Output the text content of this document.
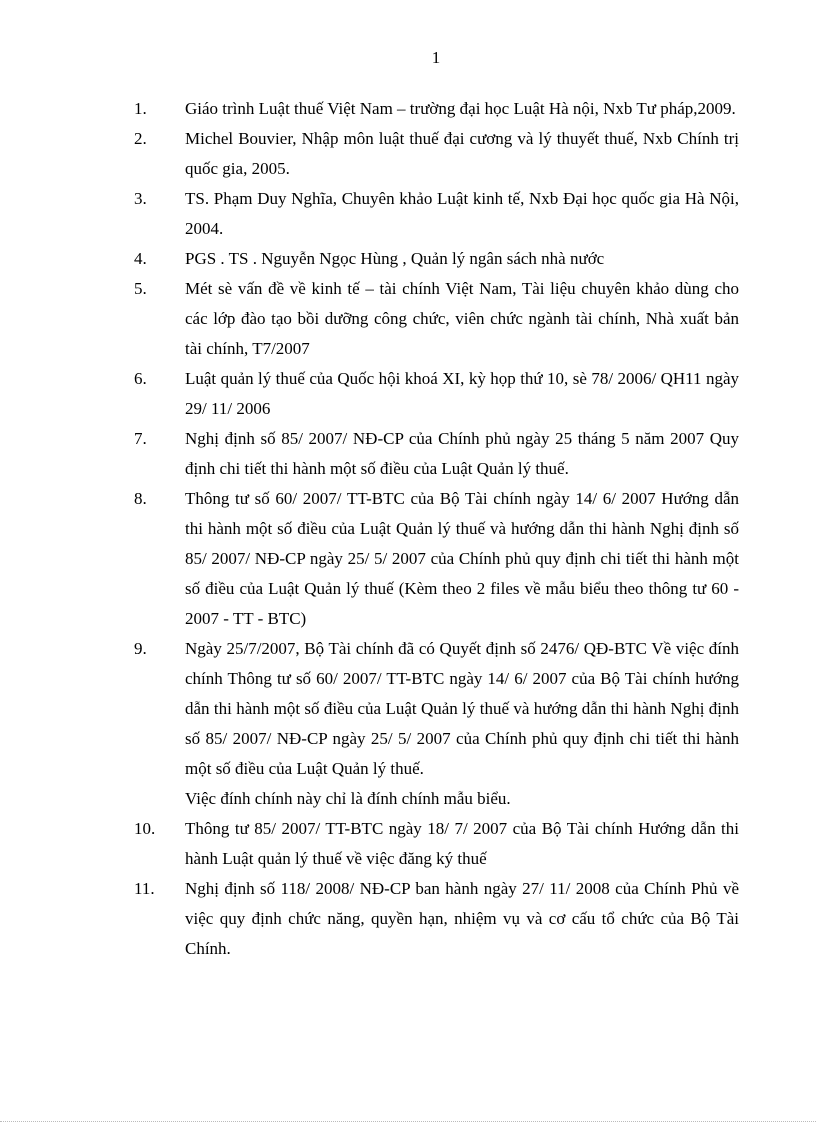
1
1. Giáo trình Luật thuế Việt Nam – trường đại học Luật Hà nội, Nxb Tư pháp,2009.
2. Michel Bouvier, Nhập môn luật thuế đại cương và lý thuyết thuế, Nxb Chính trị quốc gia, 2005.
3. TS. Phạm Duy Nghĩa, Chuyên khảo Luật kinh tế, Nxb Đại học quốc gia Hà Nội, 2004.
4. PGS . TS . Nguyễn Ngọc Hùng , Quản lý ngân sách nhà nước
5. Mét sè vấn đề về kinh tế – tài chính Việt Nam, Tài liệu chuyên khảo dùng cho các lớp đào tạo bồi dưỡng công chức, viên chức ngành tài chính, Nhà xuất bản tài chính, T7/2007
6. Luật quản lý thuế của Quốc hội khoá XI, kỳ họp thứ 10, sè 78/ 2006/ QH11 ngày 29/ 11/ 2006
7. Nghị định số 85/ 2007/ NĐ-CP của Chính phủ ngày 25 tháng 5 năm 2007 Quy định chi tiết thi hành một số điều của Luật Quản lý thuế.
8. Thông tư số 60/ 2007/ TT-BTC của Bộ Tài chính ngày 14/ 6/ 2007 Hướng dẫn thi hành một số điều của Luật Quản lý thuế và hướng dẫn thi hành Nghị định số 85/ 2007/ NĐ-CP ngày 25/ 5/ 2007 của Chính phủ quy định chi tiết thi hành một số điều của Luật Quản lý thuế (Kèm theo 2 files về mẫu biểu theo thông tư 60 - 2007 - TT - BTC)
9. Ngày 25/7/2007, Bộ Tài chính đã có Quyết định số 2476/ QĐ-BTC Về việc đính chính Thông tư số 60/ 2007/ TT-BTC ngày 14/ 6/ 2007 của Bộ Tài chính hướng dẫn thi hành một số điều của Luật Quản lý thuế và hướng dẫn thi hành Nghị định số 85/ 2007/ NĐ-CP ngày 25/ 5/ 2007 của Chính phủ quy định chi tiết thi hành một số điều của Luật Quản lý thuế.
Việc đính chính này chỉ là đính chính mẫu biểu.
10. Thông tư 85/ 2007/ TT-BTC ngày 18/ 7/ 2007 của Bộ Tài chính Hướng dẫn thi hành Luật quản lý thuế về việc đăng ký thuế
11. Nghị định số 118/ 2008/ NĐ-CP ban hành ngày 27/ 11/ 2008 của Chính Phủ về việc quy định chức năng, quyền hạn, nhiệm vụ và cơ cấu tổ chức của Bộ Tài Chính.
